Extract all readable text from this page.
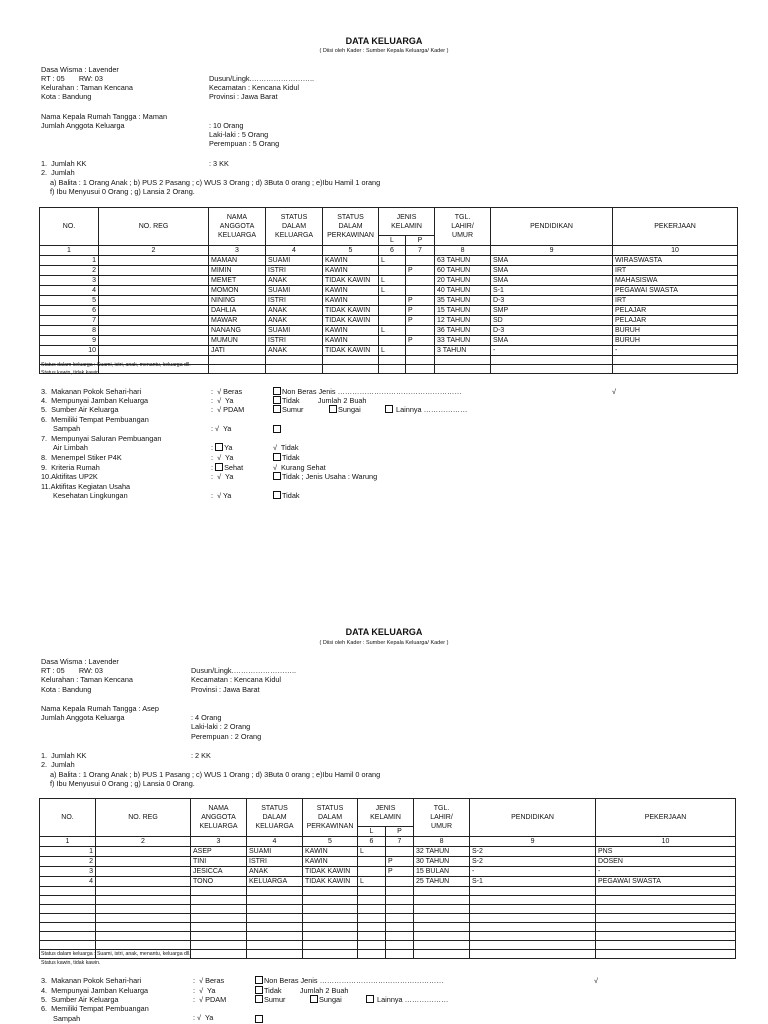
DATA KELUARGA
( Diisi oleh Kader : Sumber Kepala Keluarga/ Kader )
Dasa Wisma : Lavender
RT : 05       RW: 03
Kelurahan : Taman Kencana
Kota : Bandung
Dusun/Lingk.……………………..
Kecamatan : Kencana Kidul
Provinsi : Jawa Barat
Nama Kepala Rumah Tangga : Maman
Jumlah Anggota Keluarga	: 10 Orang
Laki-laki : 5 Orang
Perempuan : 5 Orang
1.  Jumlah KK	: 3 KK
2.  Jumlah
a) Balita : 1 Orang Anak ; b) PUS 2 Pasang ; c) WUS 3 Orang ; d) 3Buta 0 orang ; e)Ibu Hamil 1 orang
f) Ibu Menyusui 0 Orang ; g) Lansia 2 Orang.
NO.	NO. REG	NAMA
ANGGOTA
KELUARGA	STATUS
DALAM
KELUARGA	STATUS
DALAM
PERKAWINAN	JENIS
KELAMIN		TGL.
LAHIR/
UMUR	PENDIDIKAN	PEKERJAAN
					L	P			
1	2	3	4	5	6	7	8	9	10
1		MAMAN	SUAMI	KAWIN	L		63 TAHUN	SMA	WIRASWASTA
2		MIMIN	ISTRI	KAWIN		P	60 TAHUN	SMA	IRT
3		MEMET	ANAK	TIDAK KAWIN	L		20 TAHUN	SMA	MAHASISWA
4		MOMON	SUAMI	KAWIN	L		40 TAHUN	S-1	PEGAWAI SWASTA
5		NINING	ISTRI	KAWIN		P	35 TAHUN	D-3	IRT
6		DAHLIA	ANAK	TIDAK KAWIN		P	15 TAHUN	SMP	PELAJAR
7		MAWAR	ANAK	TIDAK KAWIN		P	12 TAHUN	SD	PELAJAR
8		NANANG	SUAMI	KAWIN	L		36 TAHUN	D-3	BURUH
9		MUMUN	ISTRI	KAWIN		P	33 TAHUN	SMA	BURUH
10		JATI	ANAK	TIDAK KAWIN	L		3 TAHUN	-	-

Status dalam keluarga : Suami, istri, anak, menantu, keluarga dll.
Status kawin, tidak kawin.
3.  Makanan Pokok Sehari-hari	:  √ Beras	Non Beras Jenis ……………………………………………	√
4.  Mempunyai Jamban Keluarga	:  √  Ya	Tidak         Jumlah 2 Buah
5.  Sumber Air Keluarga	:  √ PDAM	Sumur	Sungai	Lainnya ………………
6.  Memiliki Tempat Pembuangan
Sampah	: √  Ya
7.  Mempunyai Saluran Pembuangan
Air Limbah	: Ya	√  Tidak
8.  Menempel Stiker P4K	:  √  Ya	Tidak
9.  Kriteria Rumah	: Sehat	√  Kurang Sehat
10.Aktifitas UP2K	:  √  Ya	Tidak ; Jenis Usaha : Warung
11.Aktifitas Kegiatan Usaha
Kesehatan Lingkungan	:  √ Ya	Tidak
DATA KELUARGA
( Diisi oleh Kader : Sumber Kepala Keluarga/ Kader )
Dasa Wisma : Lavender
RT : 05       RW: 03
Kelurahan : Taman Kencana
Kota : Bandung
Dusun/Lingk.……………………..
Kecamatan : Kencana Kidul
Provinsi : Jawa Barat
Nama Kepala Rumah Tangga : Asep
Jumlah Anggota Keluarga	: 4 Orang
Laki-laki : 2 Orang
Perempuan : 2 Orang
1.  Jumlah KK	: 2 KK
2.  Jumlah
a) Balita : 1 Orang Anak ; b) PUS 1 Pasang ; c) WUS 1 Orang ; d) 3Buta 0 orang ; e)Ibu Hamil 0 orang
f) Ibu Menyusui 0 Orang ; g) Lansia 0 Orang.
NO.	NO. REG	NAMA
ANGGOTA
KELUARGA	STATUS
DALAM
KELUARGA	STATUS
DALAM
PERKAWINAN	JENIS
KELAMIN		TGL.
LAHIR/
UMUR	PENDIDIKAN	PEKERJAAN
					L	P			
1	2	3	4	5	6	7	8	9	10
1		ASEP	SUAMI	KAWIN	L		32 TAHUN	S-2	PNS
2		TINI	ISTRI	KAWIN		P	30 TAHUN	S-2	DOSEN
3		JESICCA	ANAK	TIDAK KAWIN		P	15 BULAN	-	-
4		TONO	KELUARGA	TIDAK KAWIN	L		25 TAHUN	S-1	PEGAWAI SWASTA

Status dalam keluarga : Suami, istri, anak, menantu, keluarga dll.
Status kawin, tidak kawin.
3.  Makanan Pokok Sehari-hari	:  √ Beras	Non Beras Jenis ……………………………………………	√
4.  Mempunyai Jamban Keluarga	:  √  Ya	Tidak         Jumlah 2 Buah
5.  Sumber Air Keluarga	:  √ PDAM	Sumur	Sungai	Lainnya ………………
6.  Memiliki Tempat Pembuangan
Sampah	: √  Ya
